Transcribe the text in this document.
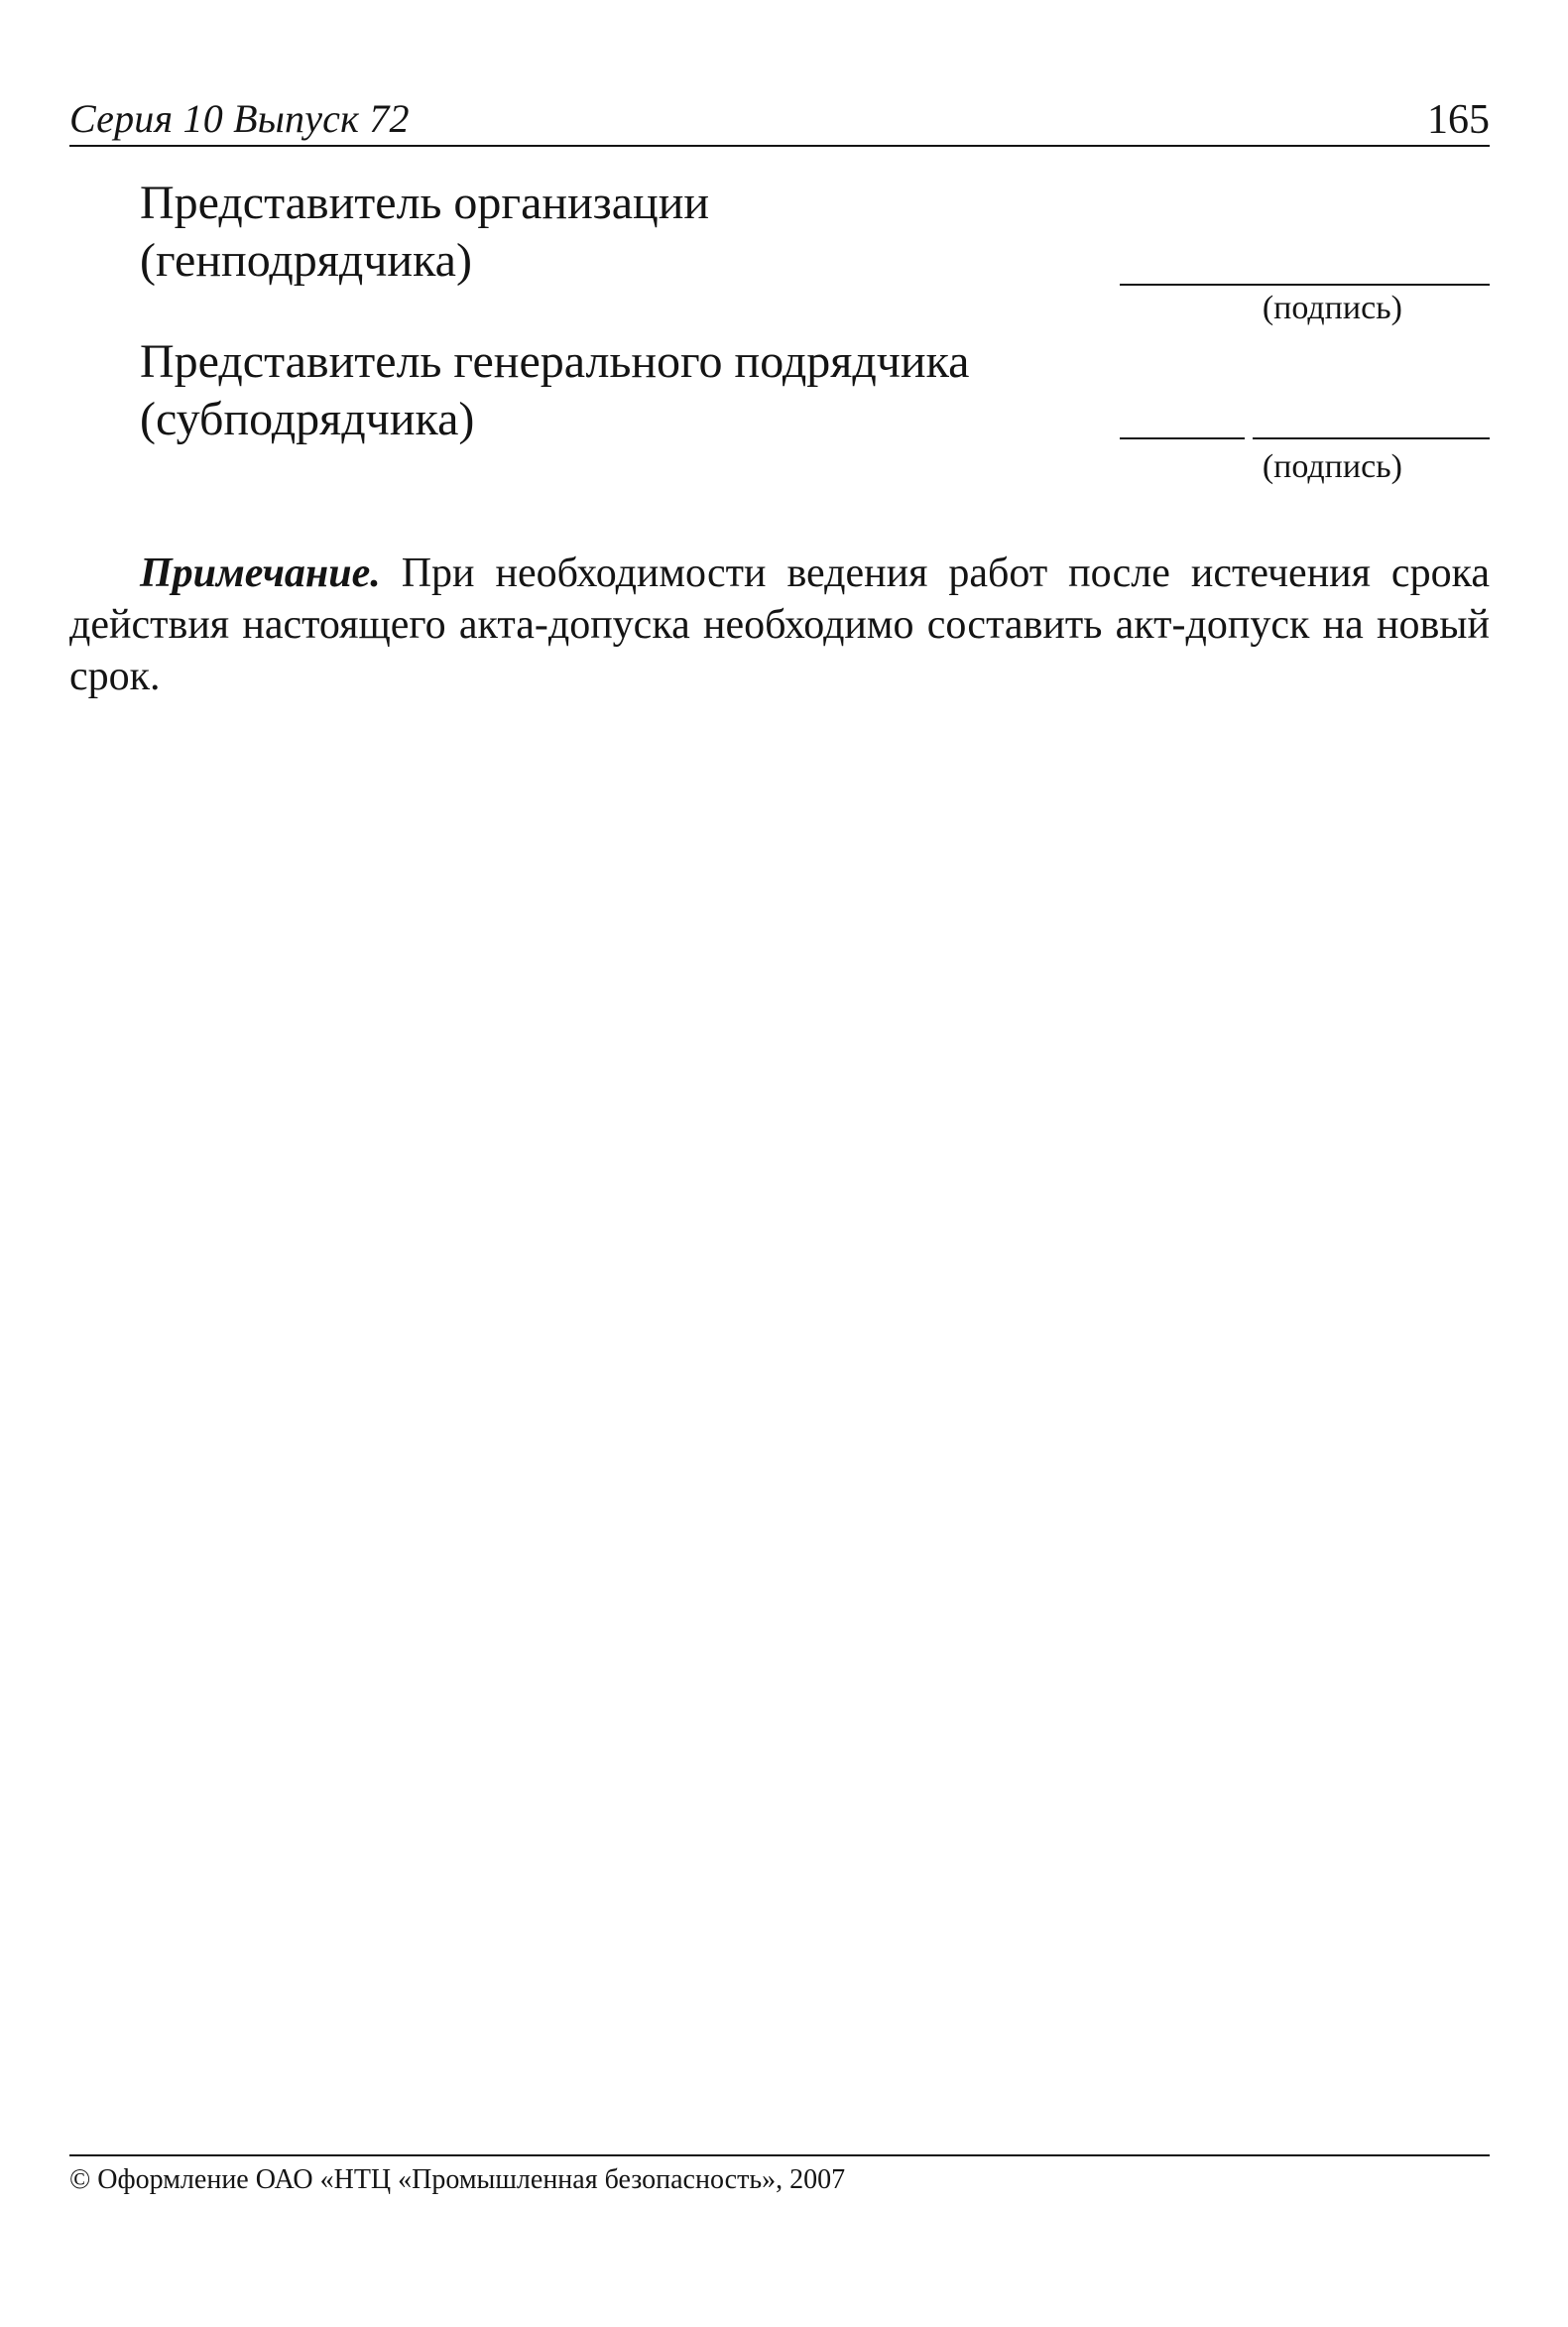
Серия 10 Выпуск 72	165

Представитель организации
(генподрядчика)

(подпись)

Представитель генерального подрядчика
(субподрядчика)

(подпись)

Примечание. При необходимости ведения работ после истечения срока действия настоящего акта-допуска необходимо составить акт-допуск на новый срок.

© Оформление ОАО «НТЦ «Промышленная безопасность», 2007
